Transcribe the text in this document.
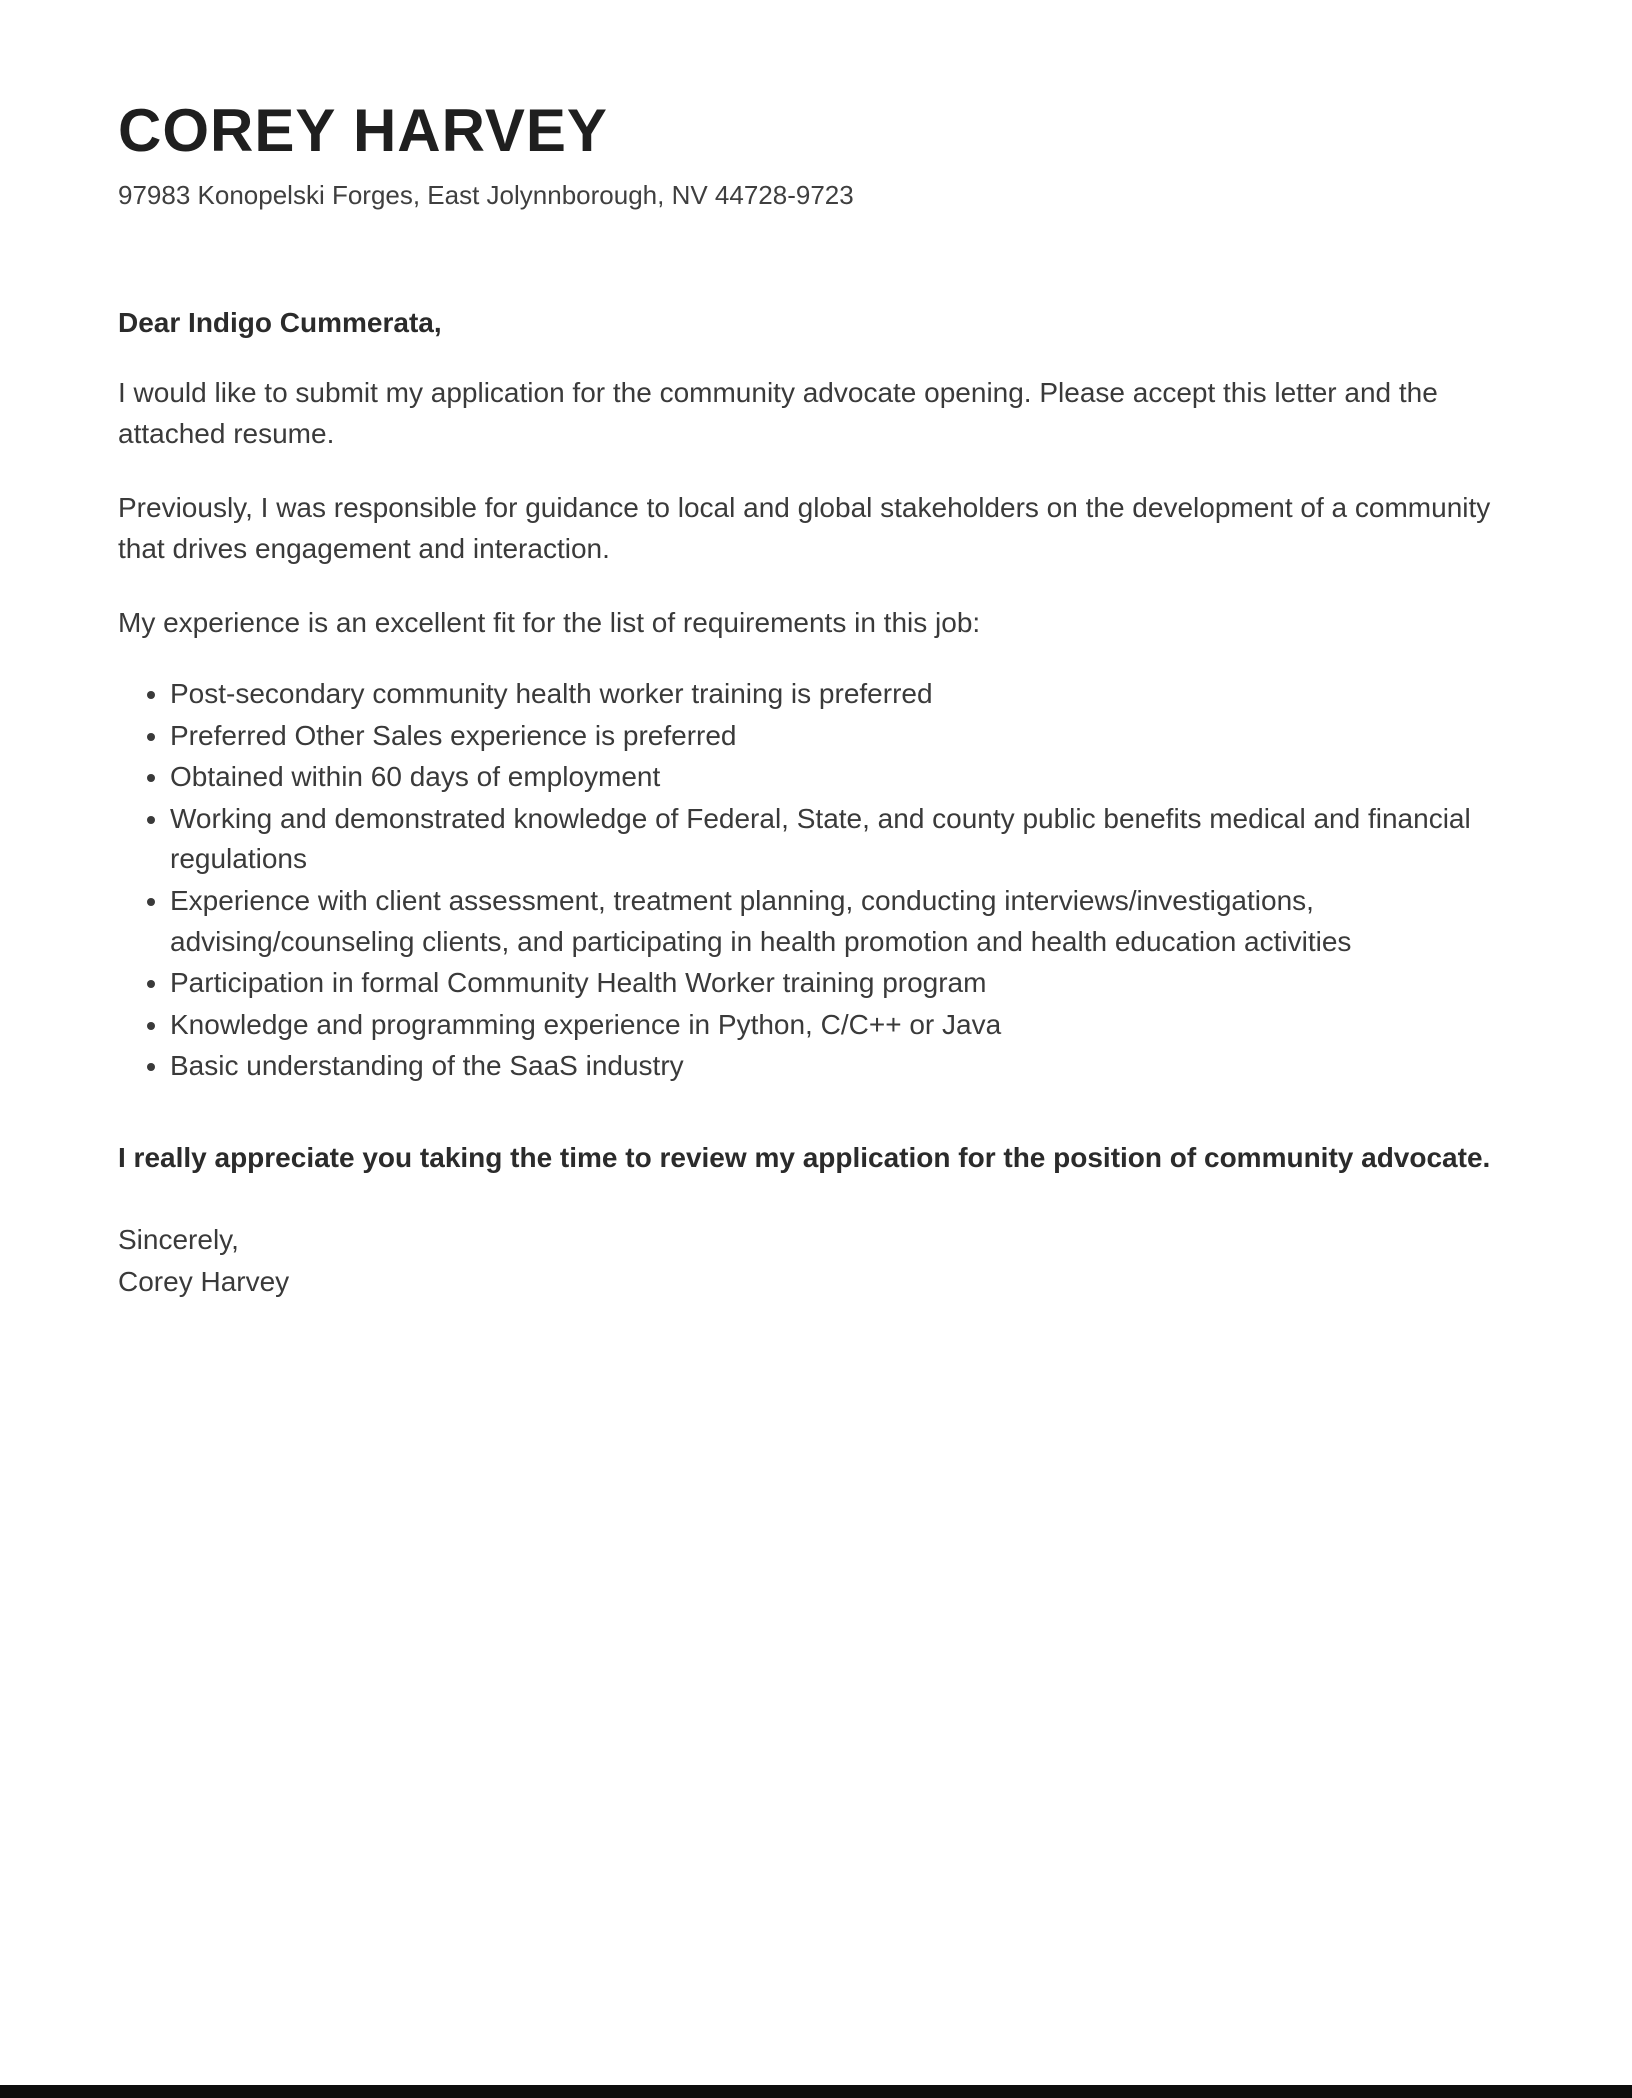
COREY HARVEY
97983 Konopelski Forges, East Jolynnborough, NV 44728-9723
Dear Indigo Cummerata,

I would like to submit my application for the community advocate opening. Please accept this letter and the attached resume.

Previously, I was responsible for guidance to local and global stakeholders on the development of a community that drives engagement and interaction.

My experience is an excellent fit for the list of requirements in this job:

• Post-secondary community health worker training is preferred
• Preferred Other Sales experience is preferred
• Obtained within 60 days of employment
• Working and demonstrated knowledge of Federal, State, and county public benefits medical and financial regulations
• Experience with client assessment, treatment planning, conducting interviews/investigations, advising/counseling clients, and participating in health promotion and health education activities
• Participation in formal Community Health Worker training program
• Knowledge and programming experience in Python, C/C++ or Java
• Basic understanding of the SaaS industry

I really appreciate you taking the time to review my application for the position of community advocate.

Sincerely,
Corey Harvey
